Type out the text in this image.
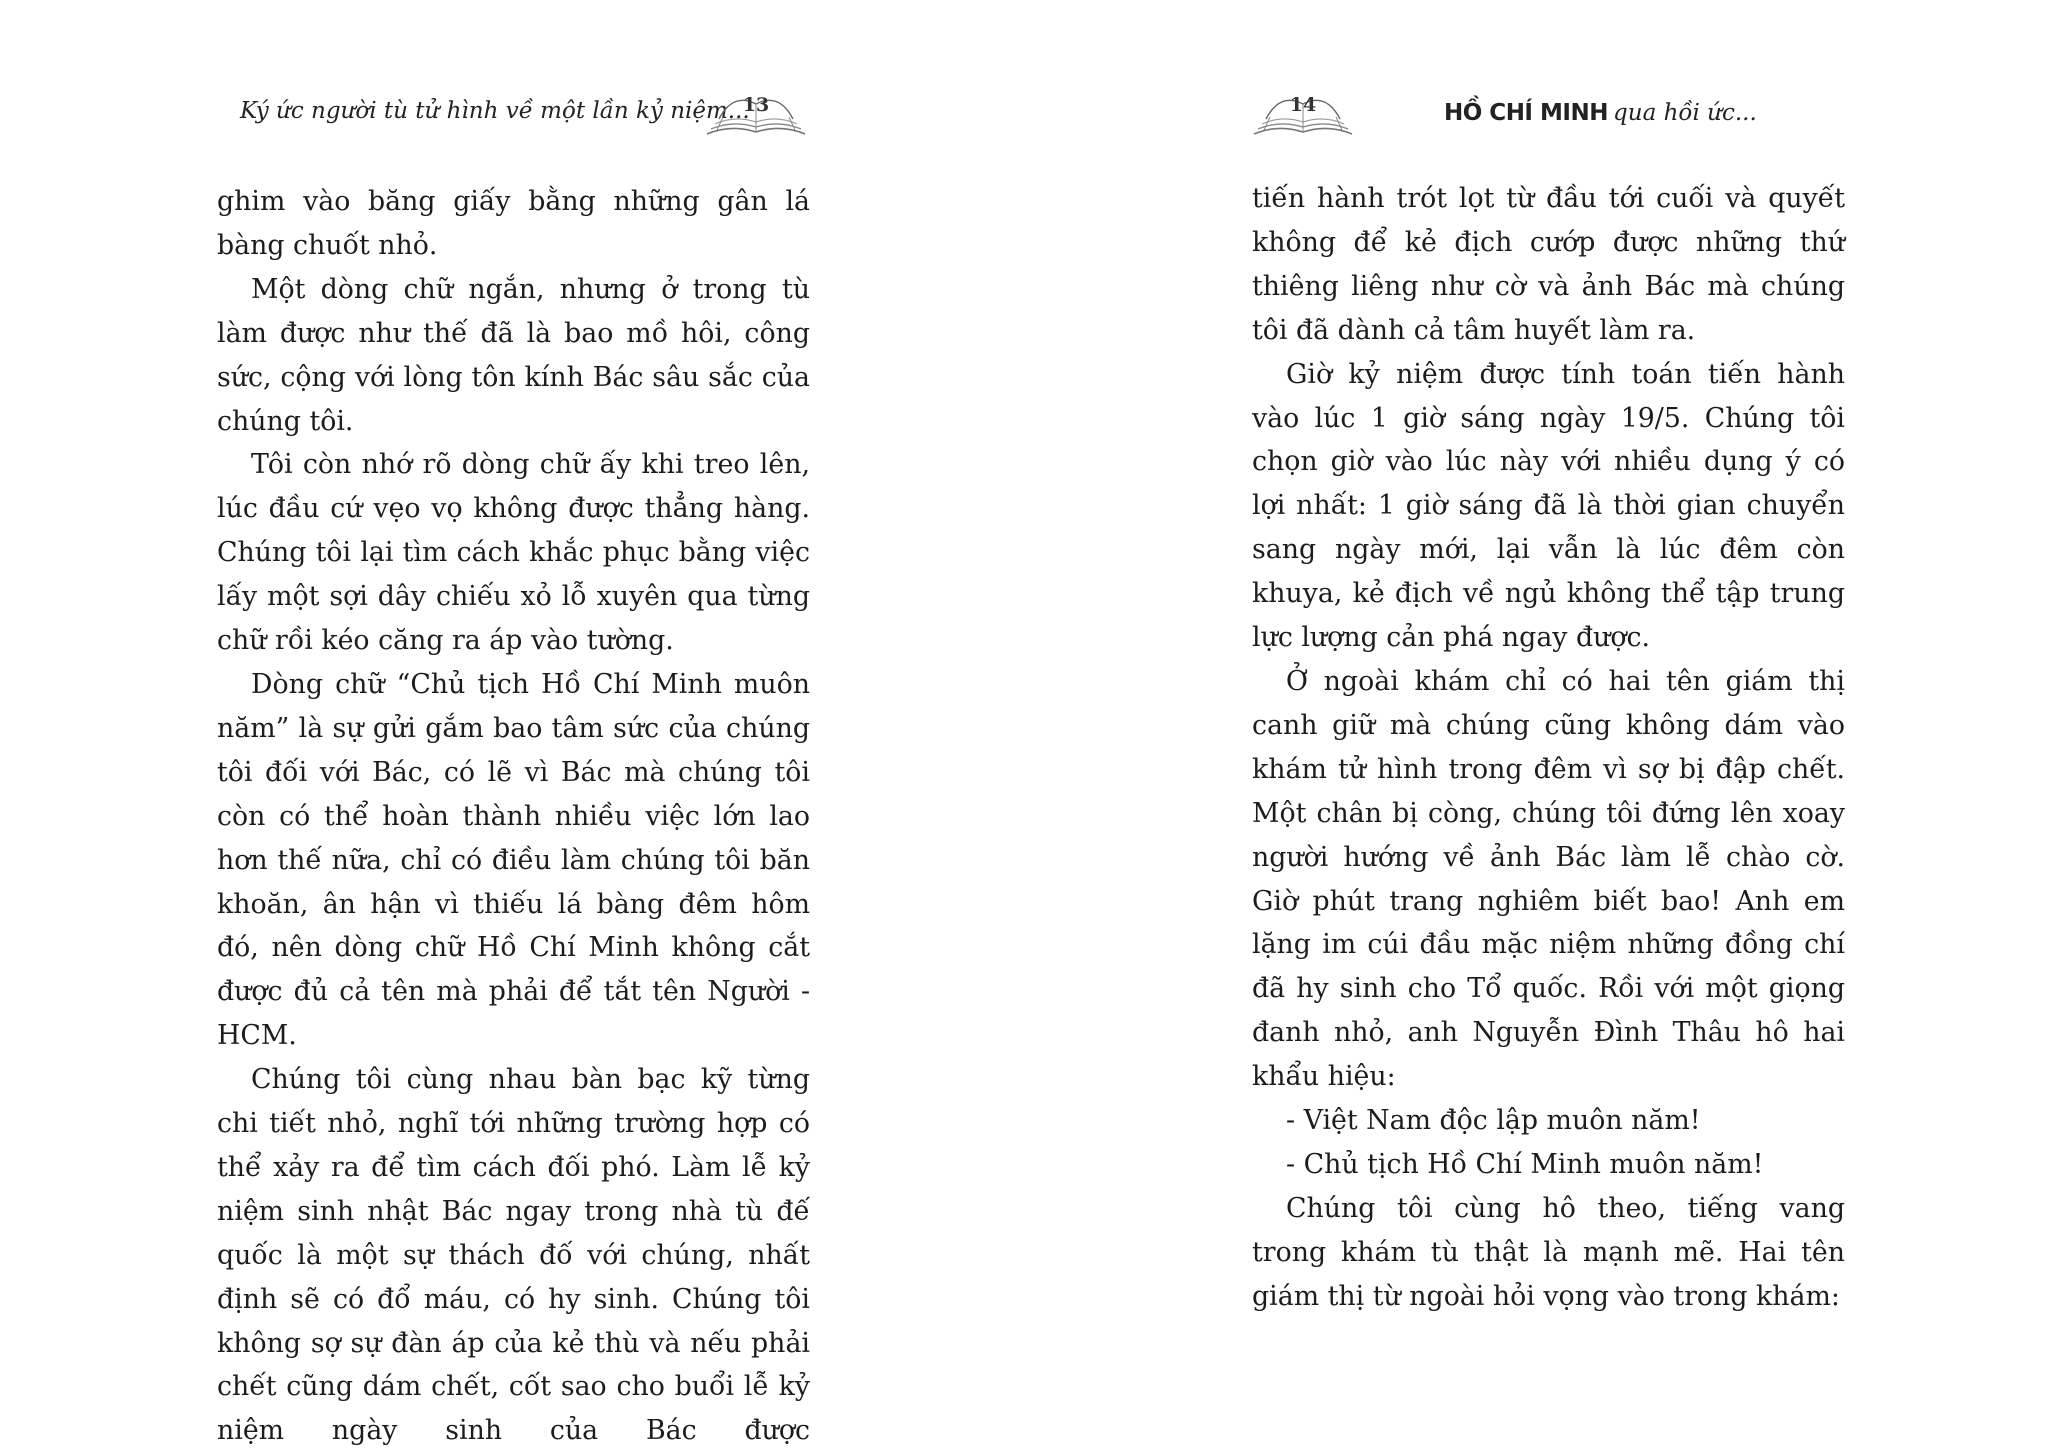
Ký ức người tù tử hình về một lần kỷ niệm...
13

ghim vào băng giấy bằng những gân lá bàng chuốt nhỏ.

Một dòng chữ ngắn, nhưng ở trong tù làm được như thế đã là bao mồ hôi, công sức, cộng với lòng tôn kính Bác sâu sắc của chúng tôi.

Tôi còn nhớ rõ dòng chữ ấy khi treo lên, lúc đầu cứ vẹo vọ không được thẳng hàng. Chúng tôi lại tìm cách khắc phục bằng việc lấy một sợi dây chiếu xỏ lỗ xuyên qua từng chữ rồi kéo căng ra áp vào tường.

Dòng chữ “Chủ tịch Hồ Chí Minh muôn năm” là sự gửi gắm bao tâm sức của chúng tôi đối với Bác, có lẽ vì Bác mà chúng tôi còn có thể hoàn thành nhiều việc lớn lao hơn thế nữa, chỉ có điều làm chúng tôi băn khoăn, ân hận vì thiếu lá bàng đêm hôm đó, nên dòng chữ Hồ Chí Minh không cắt được đủ cả tên mà phải để tắt tên Người - HCM.

Chúng tôi cùng nhau bàn bạc kỹ từng chi tiết nhỏ, nghĩ tới những trường hợp có thể xảy ra để tìm cách đối phó. Làm lễ kỷ niệm sinh nhật Bác ngay trong nhà tù đế quốc là một sự thách đố với chúng, nhất định sẽ có đổ máu, có hy sinh. Chúng tôi không sợ sự đàn áp của kẻ thù và nếu phải chết cũng dám chết, cốt sao cho buổi lễ kỷ niệm ngày sinh của Bác được

14	HỒ CHÍ MINH qua hồi ức...

tiến hành trót lọt từ đầu tới cuối và quyết không để kẻ địch cướp được những thứ thiêng liêng như cờ và ảnh Bác mà chúng tôi đã dành cả tâm huyết làm ra.

Giờ kỷ niệm được tính toán tiến hành vào lúc 1 giờ sáng ngày 19/5. Chúng tôi chọn giờ vào lúc này với nhiều dụng ý có lợi nhất: 1 giờ sáng đã là thời gian chuyển sang ngày mới, lại vẫn là lúc đêm còn khuya, kẻ địch về ngủ không thể tập trung lực lượng cản phá ngay được.

Ở ngoài khám chỉ có hai tên giám thị canh giữ mà chúng cũng không dám vào khám tử hình trong đêm vì sợ bị đập chết. Một chân bị còng, chúng tôi đứng lên xoay người hướng về ảnh Bác làm lễ chào cờ. Giờ phút trang nghiêm biết bao! Anh em lặng im cúi đầu mặc niệm những đồng chí đã hy sinh cho Tổ quốc. Rồi với một giọng đanh nhỏ, anh Nguyễn Đình Thâu hô hai khẩu hiệu:

- Việt Nam độc lập muôn năm!

- Chủ tịch Hồ Chí Minh muôn năm!

Chúng tôi cùng hô theo, tiếng vang trong khám tù thật là mạnh mẽ. Hai tên giám thị từ ngoài hỏi vọng vào trong khám:
